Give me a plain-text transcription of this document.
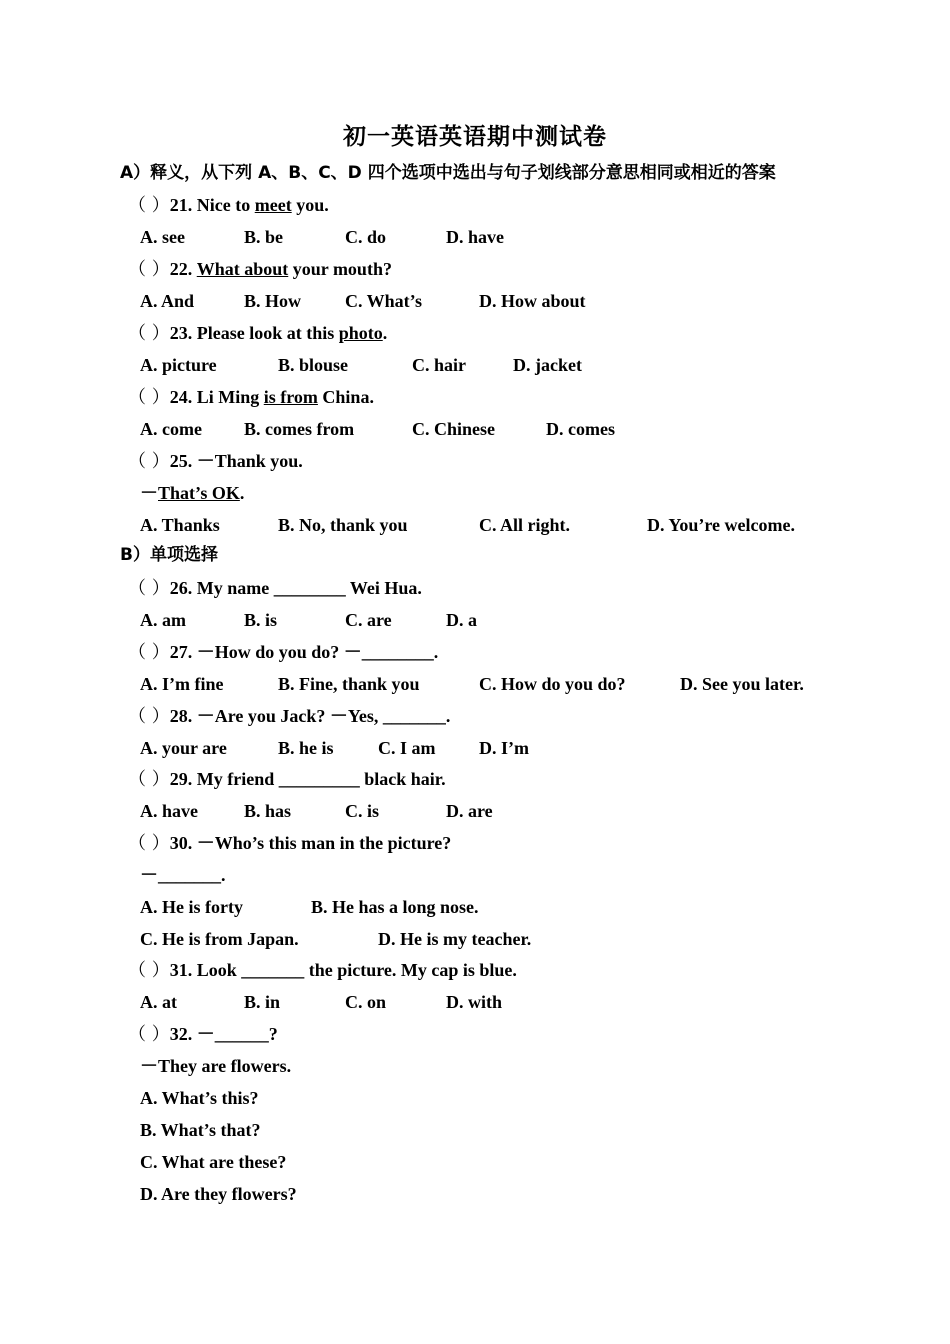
初一英语英语期中测试卷
A）释义，从下列 A、B、C、D 四个选项中选出与句子划线部分意思相同或相近的答案
（ ）21. Nice to meet you.
A. see	B. be	C. do	D. have
（ ）22. What about your mouth?
A. And	B. How C. What’s	D. How about
（ ）23. Please look at this photo.
A. picture	B. blouse	C. hair	D. jacket
（ ）24. Li Ming is from China.
A. come B. comes from	C. Chinese	D. comes
（ ）25. －Thank you.
－That’s OK.
A. Thanks	B. No, thank you	C. All right.	D. You’re welcome.
B）单项选择
（ ）26. My name ________ Wei Hua.
A. am	B. is	C. are	D. a
（ ）27. －How do you do? －________.
A. I’m fine	B. Fine, thank you	C. How do you do?	D. See you later.
（ ）28. －Are you Jack? －Yes, _______.
A. your are	B. he is C. I am D. I’m
（ ）29. My friend _________ black hair.
A. have	B. has	C. is	D. are
（ ）30. －Who’s this man in the picture?
－_______.
A. He is forty	B. He has a long nose.
C. He is from Japan.	D. He is my teacher.
（ ）31. Look _______ the picture. My cap is blue.
A. at	B. in	C. on	D. with
（ ）32. －______?
－They are flowers.
A. What’s this?
B. What’s that?
C. What are these?
D. Are they flowers?
